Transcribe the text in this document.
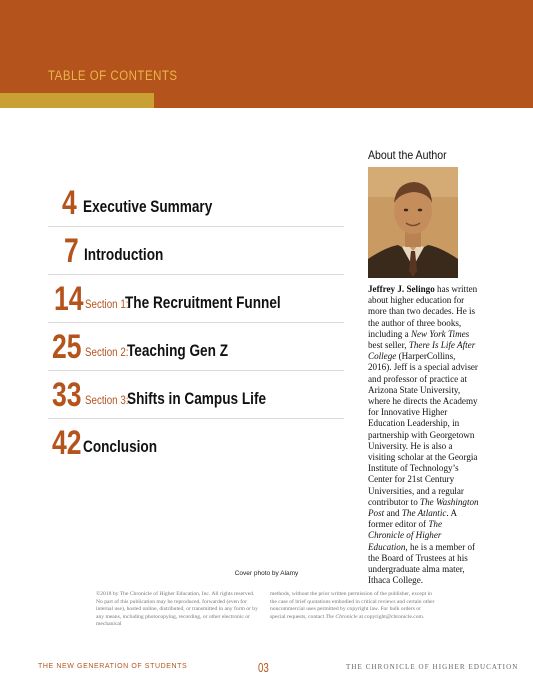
TABLE OF CONTENTS
4 Executive Summary
7 Introduction
14 Section 1:
The Recruitment Funnel
25 Section 2:
Teaching Gen Z
33 Section 3:
Shifts in Campus Life
42 Conclusion
About the Author
Jeffrey J. Selingo has written about higher education for more than two decades. He is the author of three books, including a New York Times best seller, There Is Life After College (HarperCollins, 2016). Jeff is a special adviser and professor of practice at Arizona State University, where he directs the Academy for Innovative Higher Education Leadership, in partnership with Georgetown University. He is also a visiting scholar at the Georgia Institute of Technology’s Center for 21st Century Universities, and a regular contributor to The Washington Post and The Atlantic. A former editor of The Chronicle of Higher Education, he is a member of the Board of Trustees at his undergraduate alma mater, Ithaca College.
Cover photo by Alamy
©2018 by The Chronicle of Higher Education, Inc. All rights reserved. No part of this publication may be reproduced, forwarded (even for internal use), hosted online, distributed, or transmitted in any form or by any means, including photocopying, recording, or other electronic or mechanical
methods, without the prior written permission of the publisher, except in the case of brief quotations embodied in critical reviews and certain other noncommercial uses permitted by copyright law. For bulk orders or special requests, contact The Chronicle at copyright@chronicle.com.
THE NEW GENERATION OF STUDENTS	03	THE CHRONICLE OF HIGHER EDUCATION
